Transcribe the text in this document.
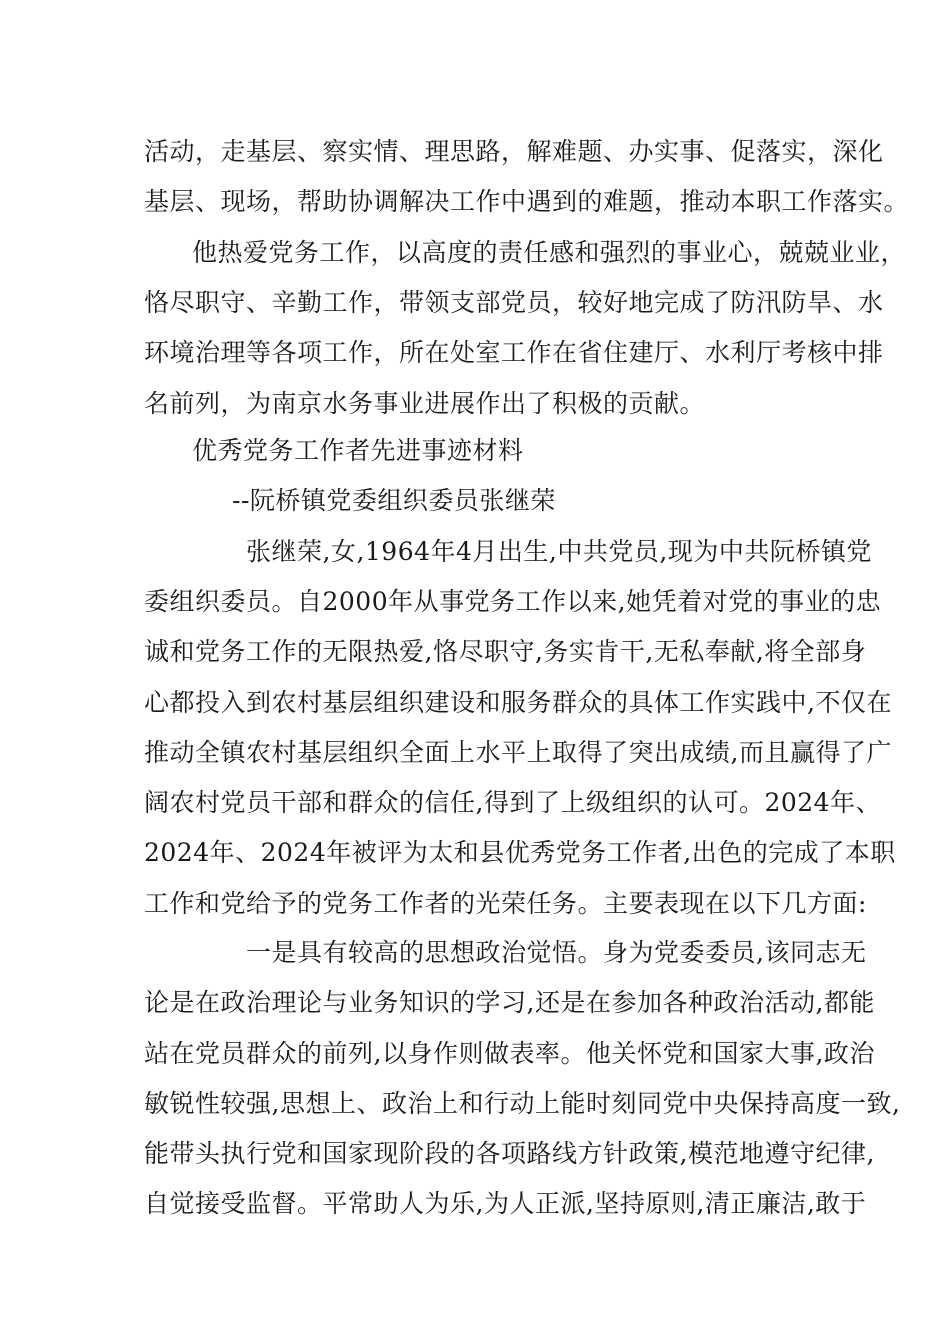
活动，走基层、察实情、理思路，解难题、办实事、促落实，深化
基层、现场，帮助协调解决工作中遇到的难题，推动本职工作落实。
他热爱党务工作，以高度的责任感和强烈的事业心，兢兢业业，
恪尽职守、辛勤工作，带领支部党员，较好地完成了防汛防旱、水
环境治理等各项工作，所在处室工作在省住建厅、水利厅考核中排
名前列，为南京水务事业进展作出了积极的贡献。
优秀党务工作者先进事迹材料
--阮桥镇党委组织委员张继荣
张继荣,女,1964年4月出生,中共党员,现为中共阮桥镇党
委组织委员。自2000年从事党务工作以来,她凭着对党的事业的忠
诚和党务工作的无限热爱,恪尽职守,务实肯干,无私奉献,将全部身
心都投入到农村基层组织建设和服务群众的具体工作实践中,不仅在
推动全镇农村基层组织全面上水平上取得了突出成绩,而且赢得了广
阔农村党员干部和群众的信任,得到了上级组织的认可。2024年、
2024年、2024年被评为太和县优秀党务工作者,出色的完成了本职
工作和党给予的党务工作者的光荣任务。主要表现在以下几方面:
一是具有较高的思想政治觉悟。身为党委委员,该同志无
论是在政治理论与业务知识的学习,还是在参加各种政治活动,都能
站在党员群众的前列,以身作则做表率。他关怀党和国家大事,政治
敏锐性较强,思想上、政治上和行动上能时刻同党中央保持高度一致,
能带头执行党和国家现阶段的各项路线方针政策,模范地遵守纪律,
自觉接受监督。平常助人为乐,为人正派,坚持原则,清正廉洁,敢于
